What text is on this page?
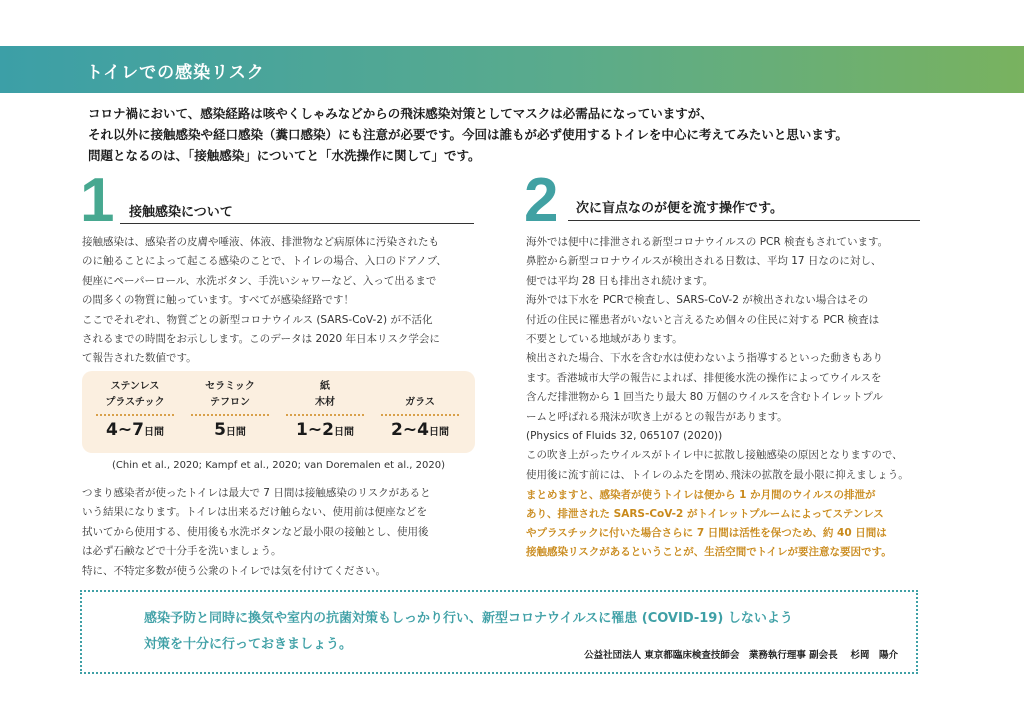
トイレでの感染リスク
コロナ禍において、感染経路は咳やくしゃみなどからの飛沫感染対策としてマスクは必需品になっていますが、
それ以外に接触感染や経口感染（糞口感染）にも注意が必要です。今回は誰もが必ず使用するトイレを中心に考えてみたいと思います。
問題となるのは、「接触感染」についてと「水洗操作に関して」です。
1 接触感染について
接触感染は、感染者の皮膚や唾液、体液、排泄物など病原体に汚染されたも
のに触ることによって起こる感染のことで、トイレの場合、入口のドアノブ、
便座にペーパーロール、水洗ボタン、手洗いシャワーなど、入って出るまで
の間多くの物質に触っています。すべてが感染経路です！
ここでそれぞれ、物質ごとの新型コロナウイルス (SARS-CoV-2) が不活化
されるまでの時間をお示しします。このデータは 2020 年日本リスク学会に
て報告された数値です。
ステンレス
プラスチック
4~7日間
セラミック
テフロン
5日間
紙
木材
1~2日間
ガラス
2~4日間
(Chin et al., 2020; Kampf et al., 2020; van Doremalen et al., 2020)
つまり感染者が使ったトイレは最大で 7 日間は接触感染のリスクがあると
いう結果になります。トイレは出来るだけ触らない、使用前は便座などを
拭いてから使用する、使用後も水洗ボタンなど最小限の接触とし、使用後
は必ず石鹸などで十分手を洗いましょう。
特に、不特定多数が使う公衆のトイレでは気を付けてください。
2 次に盲点なのが便を流す操作です。
海外では便中に排泄される新型コロナウイルスの PCR 検査もされています。
鼻腔から新型コロナウイルスが検出される日数は、平均 17 日なのに対し、
便では平均 28 日も排出され続けます。
海外では下水を PCRで検査し、SARS-CoV-2 が検出されない場合はその
付近の住民に罹患者がいないと言えるため個々の住民に対する PCR 検査は
不要としている地域があります。
検出された場合、下水を含む水は使わないよう指導するといった動きもあり
ます。香港城市大学の報告によれば、排便後水洗の操作によってウイルスを
含んだ排泄物から 1 回当たり最大 80 万個のウイルスを含むトイレットプル
ームと呼ばれる飛沫が吹き上がるとの報告があります。
(Physics of Fluids 32, 065107 (2020))
この吹き上がったウイルスがトイレ中に拡散し接触感染の原因となりますので、
使用後に流す前には、トイレのふたを閉め､飛沫の拡散を最小限に抑えましょう。
まとめますと、感染者が使うトイレは便から 1 か月間のウイルスの排泄が
あり、排泄された SARS-CoV-2 がトイレットプルームによってステンレス
やプラスチックに付いた場合さらに 7 日間は活性を保つため、約 40 日間は
接触感染リスクがあるということが、生活空間でトイレが要注意な要因です。
感染予防と同時に換気や室内の抗菌対策もしっかり行い、新型コロナウイルスに罹患 (COVID-19) しないよう
対策を十分に行っておきましょう。
公益社団法人 東京都臨床検査技師会　業務執行理事 副会長　 杉岡　陽介
